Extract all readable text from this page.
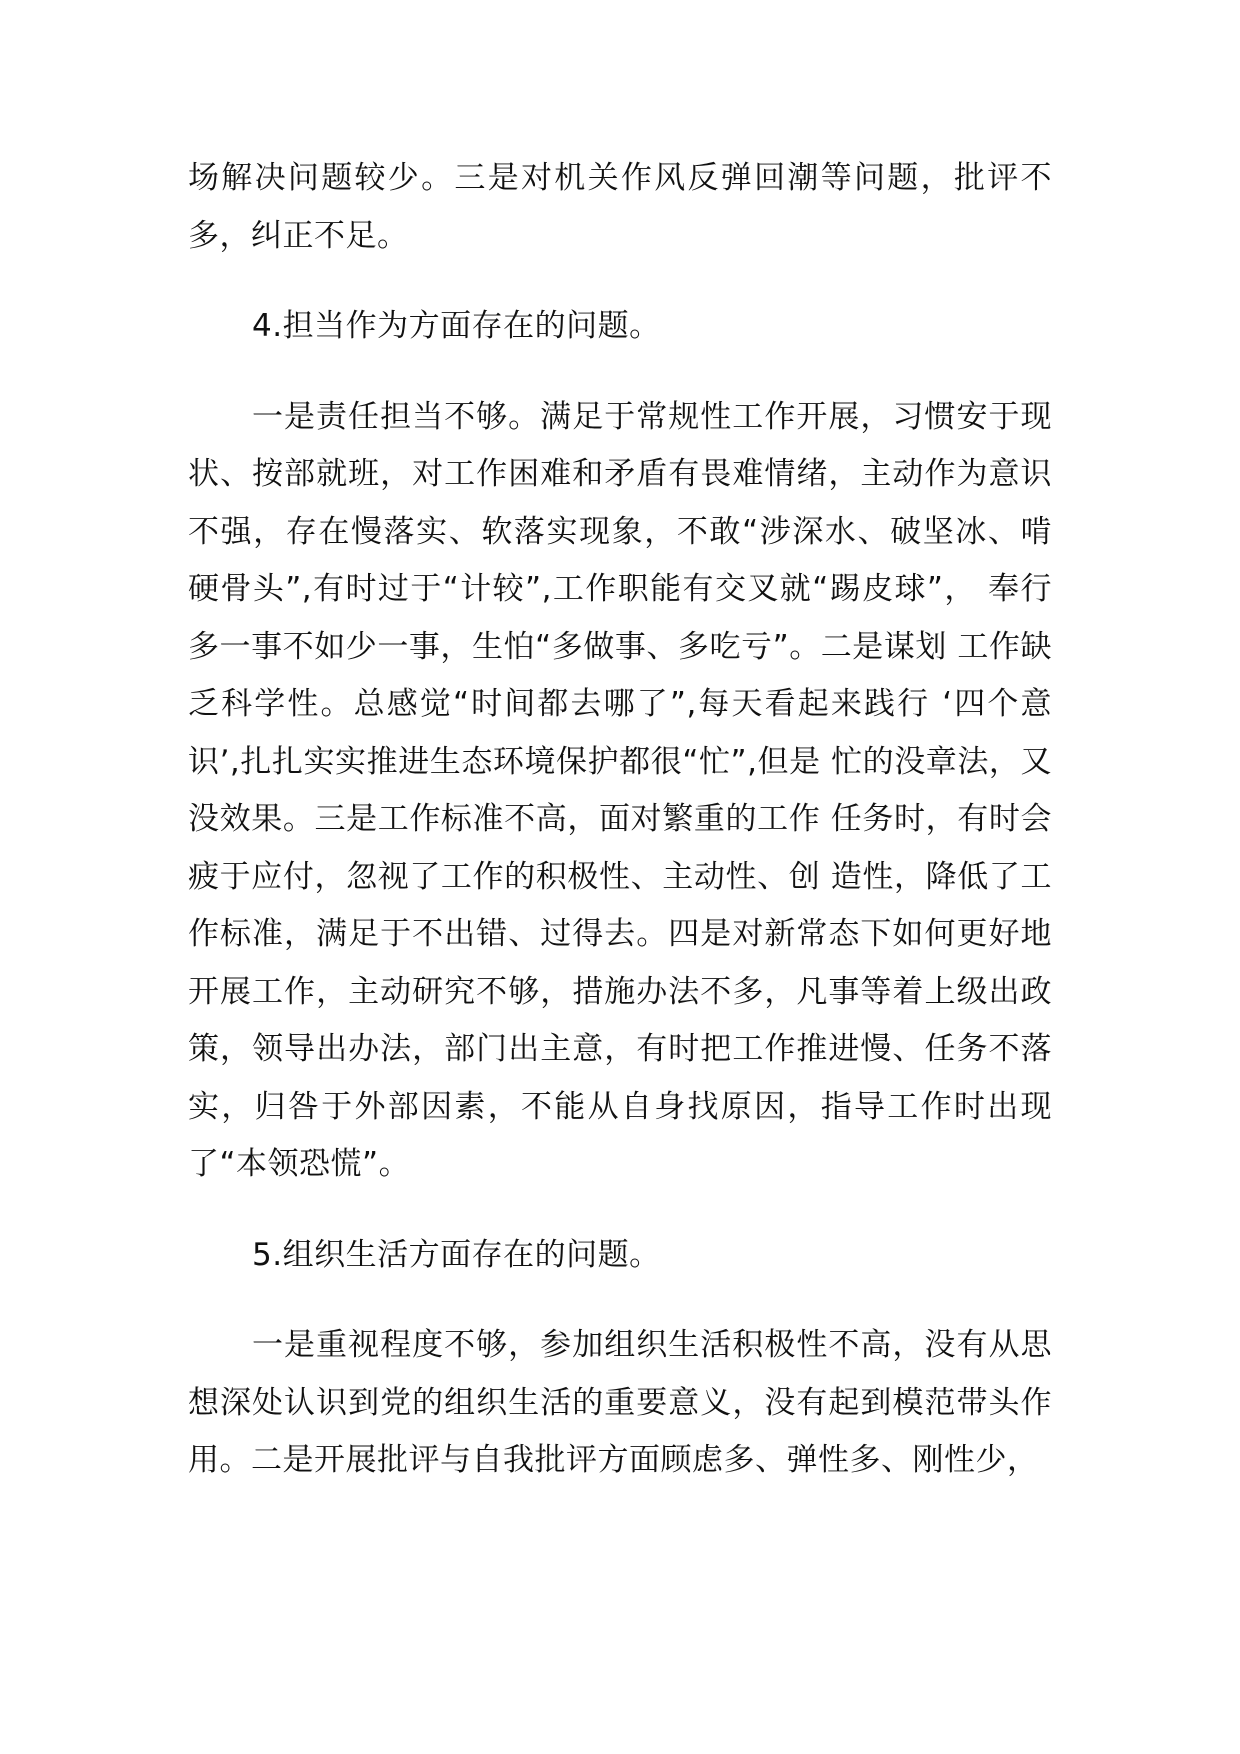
场解决问题较少。三是对机关作风反弹回潮等问题，批评不多，纠正不足。

4.担当作为方面存在的问题。

一是责任担当不够。满足于常规性工作开展，习惯安于现状、按部就班，对工作困难和矛盾有畏难情绪，主动作为意识不强，存在慢落实、软落实现象，不敢“涉深水、破坚冰、啃硬骨头”,有时过于“计较”,工作职能有交叉就“踢皮球”， 奉行多一事不如少一事，生怕“多做事、多吃亏”。二是谋划 工作缺乏科学性。总感觉“时间都去哪了”,每天看起来践行 ‘四个意识’,扎扎实实推进生态环境保护都很“忙”,但是 忙的没章法，又没效果。三是工作标准不高，面对繁重的工作 任务时，有时会疲于应付，忽视了工作的积极性、主动性、创 造性，降低了工作标准，满足于不出错、过得去。四是对新常态下如何更好地开展工作，主动研究不够，措施办法不多，凡事等着上级出政策，领导出办法，部门出主意，有时把工作推进慢、任务不落实，归咎于外部因素，不能从自身找原因，指导工作时出现了“本领恐慌”。

5.组织生活方面存在的问题。

一是重视程度不够，参加组织生活积极性不高，没有从思想深处认识到党的组织生活的重要意义，没有起到模范带头作用。二是开展批评与自我批评方面顾虑多、弹性多、刚性少，
